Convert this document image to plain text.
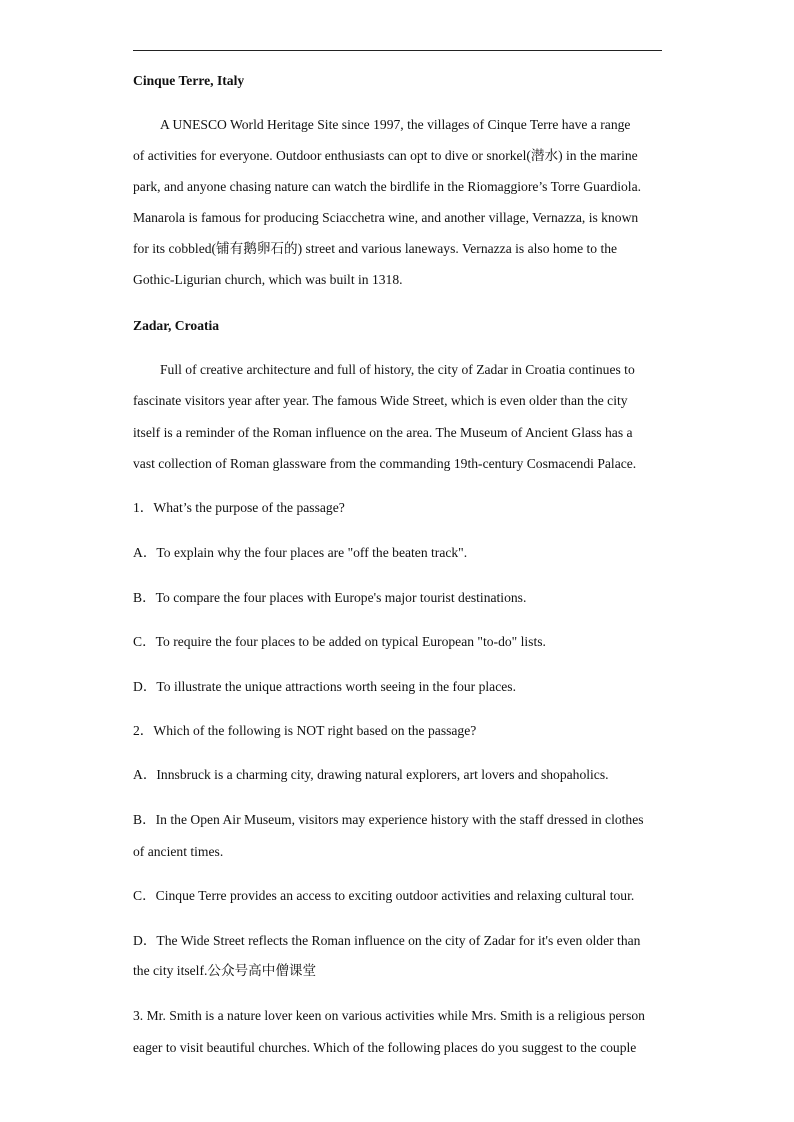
Cinque Terre, Italy
A UNESCO World Heritage Site since 1997, the villages of Cinque Terre have a range
of activities for everyone. Outdoor enthusiasts can opt to dive or snorkel(潜水) in the marine
park, and anyone chasing nature can watch the birdlife in the Riomaggiore’s Torre Guardiola.
Manarola is famous for producing Sciacchetra wine, and another village, Vernazza, is known
for its cobbled(铺有鹅卵石的) street and various laneways. Vernazza is also home to the
Gothic-Ligurian church, which was built in 1318.
Zadar, Croatia
Full of creative architecture and full of history, the city of Zadar in Croatia continues to
fascinate visitors year after year. The famous Wide Street, which is even older than the city
itself is a reminder of the Roman influence on the area. The Museum of Ancient Glass has a
vast collection of Roman glassware from the commanding 19th-century Cosmacendi Palace.
1．What’s the purpose of the passage?
A．To explain why the four places are "off the beaten track".
B．To compare the four places with Europe's major tourist destinations.
C．To require the four places to be added on typical European "to-do" lists.
D．To illustrate the unique attractions worth seeing in the four places.
2．Which of the following is NOT right based on the passage?
A．Innsbruck is a charming city, drawing natural explorers, art lovers and shopaholics.
B．In the Open Air Museum, visitors may experience history with the staff dressed in clothes
of ancient times.
C．Cinque Terre provides an access to exciting outdoor activities and relaxing cultural tour.
D．The Wide Street reflects the Roman influence on the city of Zadar for it's even older than
the city itself.公众号高中僧课堂
3. Mr. Smith is a nature lover keen on various activities while Mrs. Smith is a religious person
eager to visit beautiful churches. Which of the following places do you suggest to the couple
